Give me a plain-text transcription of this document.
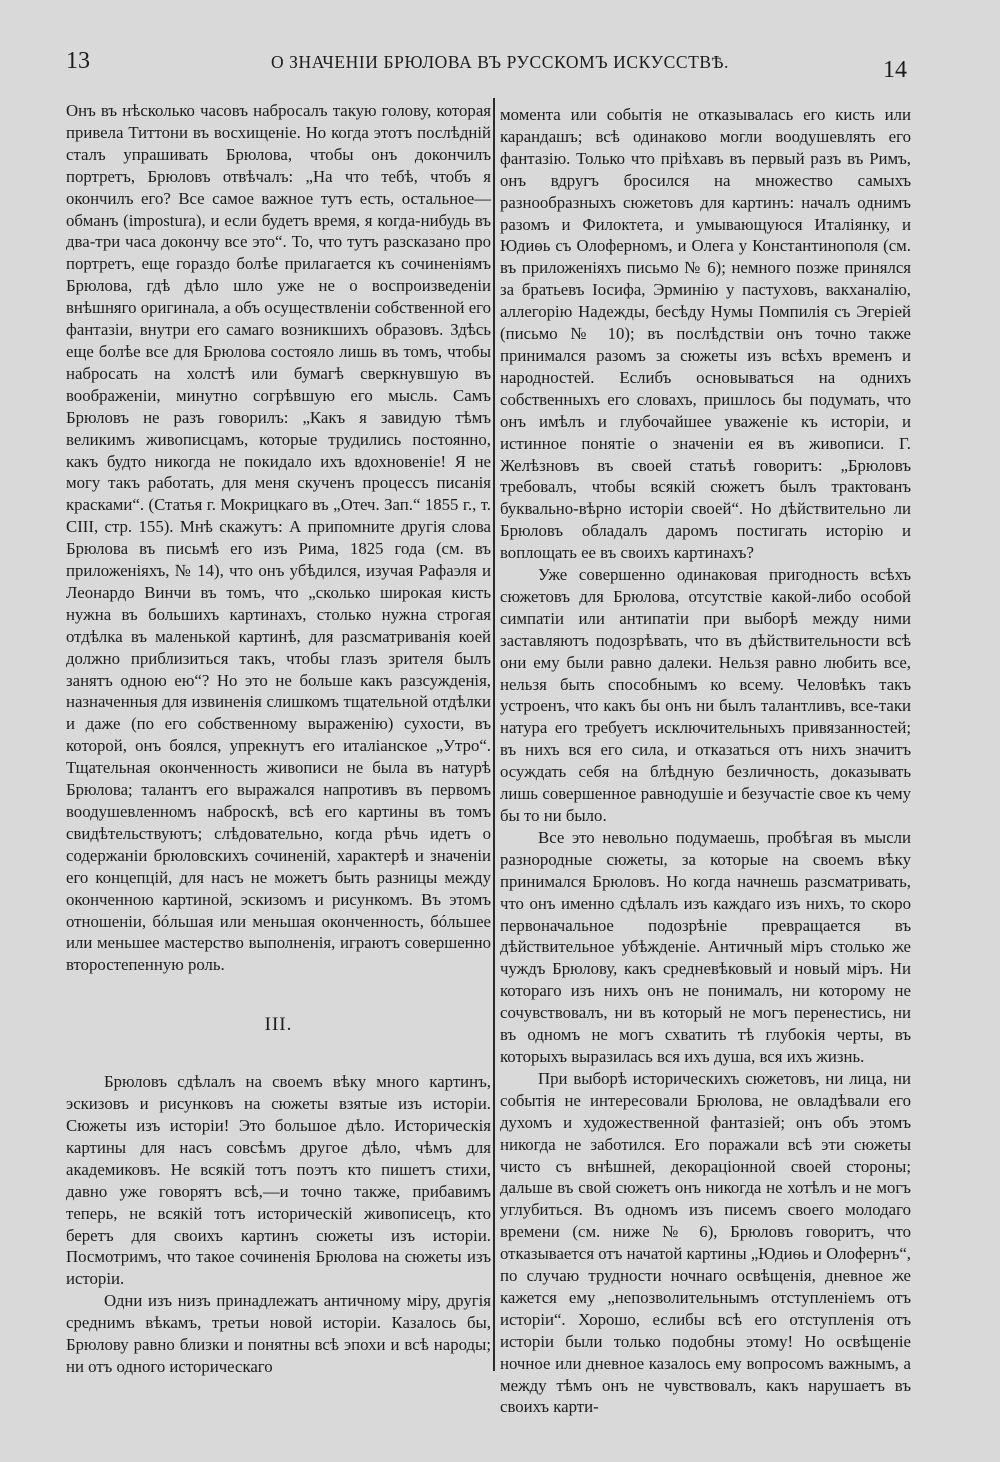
13	О ЗНАЧЕНІИ БРЮЛОВА ВЪ РУССКОМЪ ИСКУССТВѢ.	14

Онъ въ нѣсколько часовъ набросалъ такую голову, которая привела Титтони въ восхищеніе. Но когда этотъ послѣдній сталъ упрашивать Брюлова, чтобы онъ докончилъ портретъ, Брюловъ отвѣчалъ: „На что тебѣ, чтобъ я окончилъ его? Все самое важное тутъ есть, остальное—обманъ (impostura), и если будетъ время, я когда-нибудь въ два-три часа докончу все это“. То, что тутъ разсказано про портретъ, еще гораздо болѣе прилагается къ сочиненіямъ Брюлова, гдѣ дѣло шло уже не о воспроизведеніи внѣшняго оригинала, а объ осуществленіи собственной его фантазіи, внутри его самаго возникшихъ образовъ. Здѣсь еще болѣе все для Брюлова состояло лишь въ томъ, чтобы набросать на холстѣ или бумагѣ сверкнувшую въ воображеніи, минутно согрѣвшую его мысль. Самъ Брюловъ не разъ говорилъ: „Какъ я завидую тѣмъ великимъ живописцамъ, которые трудились постоянно, какъ будто никогда не покидало ихъ вдохновеніе! Я не могу такъ работать, для меня скученъ процессъ писанія красками“. (Статья г. Мокрицкаго въ „Отеч. Зап.“ 1855 г., т. CIII, стр. 155). Мнѣ скажутъ: А припомните другія слова Брюлова въ письмѣ его изъ Рима, 1825 года (см. въ приложеніяхъ, № 14), что онъ убѣдился, изучая Рафаэля и Леонардо Винчи въ томъ, что „сколько широкая кисть нужна въ большихъ картинахъ, столько нужна строгая отдѣлка въ маленькой картинѣ, для разсматриванія коей должно приблизиться такъ, чтобы глазъ зрителя былъ занятъ одною ею“? Но это не больше какъ разсужденія, назначенныя для извиненія слишкомъ тщательной отдѣлки и даже (по его собственному выраженію) сухости, въ которой, онъ боялся, упрекнутъ его италіанское „Утро“. Тщательная оконченность живописи не была въ натурѣ Брюлова; талантъ его выражался напротивъ въ первомъ воодушевленномъ наброскѣ, всѣ его картины въ томъ свидѣтельствуютъ; слѣдовательно, когда рѣчь идетъ о содержаніи брюловскихъ сочиненій, характерѣ и значеніи его концепцій, для насъ не можетъ быть разницы между оконченною картиной, эскизомъ и рисункомъ. Въ этомъ отношеніи, бóльшая или меньшая оконченность, бóльшее или меньшее мастерство выполненія, играютъ совершенно второстепенную роль.

III.

Брюловъ сдѣлалъ на своемъ вѣку много картинъ, эскизовъ и рисунковъ на сюжеты взятые изъ исторіи. Сюжеты изъ исторіи! Это большое дѣло. Историческія картины для насъ совсѣмъ другое дѣло, чѣмъ для академиковъ. Не всякій тотъ поэтъ кто пишетъ стихи, давно уже говорятъ всѣ,—и точно также, прибавимъ теперь, не всякій тотъ историческій живописецъ, кто беретъ для своихъ картинъ сюжеты изъ исторіи. Посмотримъ, что такое сочиненія Брюлова на сюжеты изъ исторіи.

Одни изъ низъ принадлежатъ античному міру, другія среднимъ вѣкамъ, третьи новой исторіи. Казалось бы, Брюлову равно близки и понятны всѣ эпохи и всѣ народы; ни отъ одного историческаго

момента или событія не отказывалась его кисть или карандашъ; всѣ одинаково могли воодушевлять его фантазію. Только что пріѣхавъ въ первый разъ въ Римъ, онъ вдругъ бросился на множество самыхъ разнообразныхъ сюжетовъ для картинъ: началъ однимъ разомъ и Филоктета, и умывающуюся Италіянку, и Юдиѳь съ Олоферномъ, и Олега у Константинополя (см. въ приложеніяхъ письмо № 6); немного позже принялся за братьевъ Іосифа, Эрминію у пастуховъ, вакханалію, аллегорію Надежды, бесѣду Нумы Помпилія съ Эгеріей (письмо № 10); въ послѣдствіи онъ точно также принимался разомъ за сюжеты изъ всѣхъ временъ и народностей. Еслибъ основываться на однихъ собственныхъ его словахъ, пришлось бы подумать, что онъ имѣлъ и глубочайшее уваженіе къ исторіи, и истинное понятіе о значеніи ея въ живописи. Г. Желѣзновъ въ своей статьѣ говоритъ: „Брюловъ требовалъ, чтобы всякій сюжетъ былъ трактованъ буквально-вѣрно исторіи своей“. Но дѣйствительно ли Брюловъ обладалъ даромъ постигать исторію и воплощать ее въ своихъ картинахъ?

Уже совершенно одинаковая пригодность всѣхъ сюжетовъ для Брюлова, отсутствіе какой-либо особой симпатіи или антипатіи при выборѣ между ними заставляютъ подозрѣвать, что въ дѣйствительности всѣ они ему были равно далеки. Нельзя равно любить все, нельзя быть способнымъ ко всему. Человѣкъ такъ устроенъ, что какъ бы онъ ни былъ талантливъ, все-таки натура его требуетъ исключительныхъ привязанностей; въ нихъ вся его сила, и отказаться отъ нихъ значитъ осуждать себя на блѣдную безличность, доказывать лишь совершенное равнодушіе и безучастіе свое къ чему бы то ни было.

Все это невольно подумаешь, пробѣгая въ мысли разнородные сюжеты, за которые на своемъ вѣку принимался Брюловъ. Но когда начнешь разсматривать, что онъ именно сдѣлалъ изъ каждаго изъ нихъ, то скоро первоначальное подозрѣніе превращается въ дѣйствительное убѣжденіе. Античный міръ столько же чуждъ Брюлову, какъ средневѣковый и новый міръ. Ни котораго изъ нихъ онъ не понималъ, ни которому не сочувствовалъ, ни въ который не могъ перенестись, ни въ одномъ не могъ схватить тѣ глубокія черты, въ которыхъ выразилась вся ихъ душа, вся ихъ жизнь.

При выборѣ историческихъ сюжетовъ, ни лица, ни событія не интересовали Брюлова, не овладѣвали его духомъ и художественной фантазіей; онъ объ этомъ никогда не заботился. Его поражали всѣ эти сюжеты чисто съ внѣшней, декораціонной своей стороны; дальше въ свой сюжетъ онъ никогда не хотѣлъ и не могъ углубиться. Въ одномъ изъ писемъ своего молодаго времени (см. ниже № 6), Брюловъ говоритъ, что отказывается отъ начатой картины „Юдиѳь и Олофернъ“, по случаю трудности ночнаго освѣщенія, дневное же кажется ему „непозволительнымъ отступленіемъ отъ исторіи“. Хорошо, еслибы всѣ его отступленія отъ исторіи были только подобны этому! Но освѣщеніе ночное или дневное казалось ему вопросомъ важнымъ, а между тѣмъ онъ не чувствовалъ, какъ нарушаетъ въ своихъ карти-
